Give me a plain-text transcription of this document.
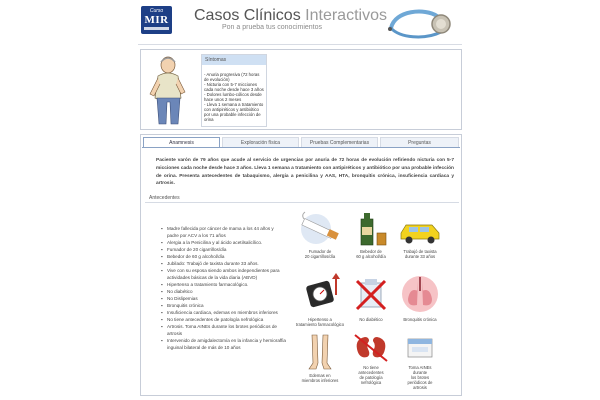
Curso
MIR Casos Clínicos Interactivos
Pon a prueba tus conocimientos
Síntomas
- Anuria progresiva (72 horas
de evolución)
- Nicturia con 5-7 micciones
cada noche desde hace 3 años
- Dolores lumbo-cólicos desde
hace unos 2 meses
- Lleva 1 semana a tratamiento
con antipiréticos y antibiótico
por una probable infección de
orina
Anamnesis	Exploración física	Pruebas Complementarias	Preguntas
Paciente varón de 79 años que acude al servicio de urgencias por anuria de 72 horas de evolución refiriendo nicturia con 5-7 micciones cada noche desde hace 3 años. Lleva 1 semana a tratamiento con antipiréticos y antibiótico por una probable infección de orina. Presenta antecedentes de tabaquismo, alergia a penicilina y AAS, HTA, bronquitis crónica, insuficiencia cardiaca y artrosis.
Antecedentes
▪ Madre fallecida por cáncer de mama a los 44 años y padre por ACV a los 71 años
▪ Alergia a la Penicilina y al ácido acetilsalicílico.
▪ Fumador de 20 cigarrillos/día
▪ Bebedor de 60 g alcohol/día
▪ Jubilado: Trabajó de taxista durante 33 años.
▪ Vive con su esposa siendo ambos independientes para actividades básicas de la vida diaria (ABVD)
▪ Hipertenso a tratamiento farmacológico.
▪ No diabético
▪ No Dislipemias
▪ Bronquitis crónica
▪ Insuficiencia cardiaca, edemas en miembros inferiores
▪ No tiene antecedentes de patología nefrológica
▪ Artrosis. Toma AINEs durante los brotes periódicos de artrosis
▪ Intervenido de amigdalectomía en la infancia y hernioraffia inguinal bilateral de más de 10 años
Fumador de
20 cigarrillos/día
Bebedor de
60 g alcohol/día
Trabajó de taxista
durante 33 años
Hipertenso a
tratamiento farmacológico
No diabético	Bronquitis crónica
Edemas en
miembros inferiores
No tiene
antecedentes
de patología
nefrológica
Toma AINEs
durante
los brotes
periódicos de
artrosis
